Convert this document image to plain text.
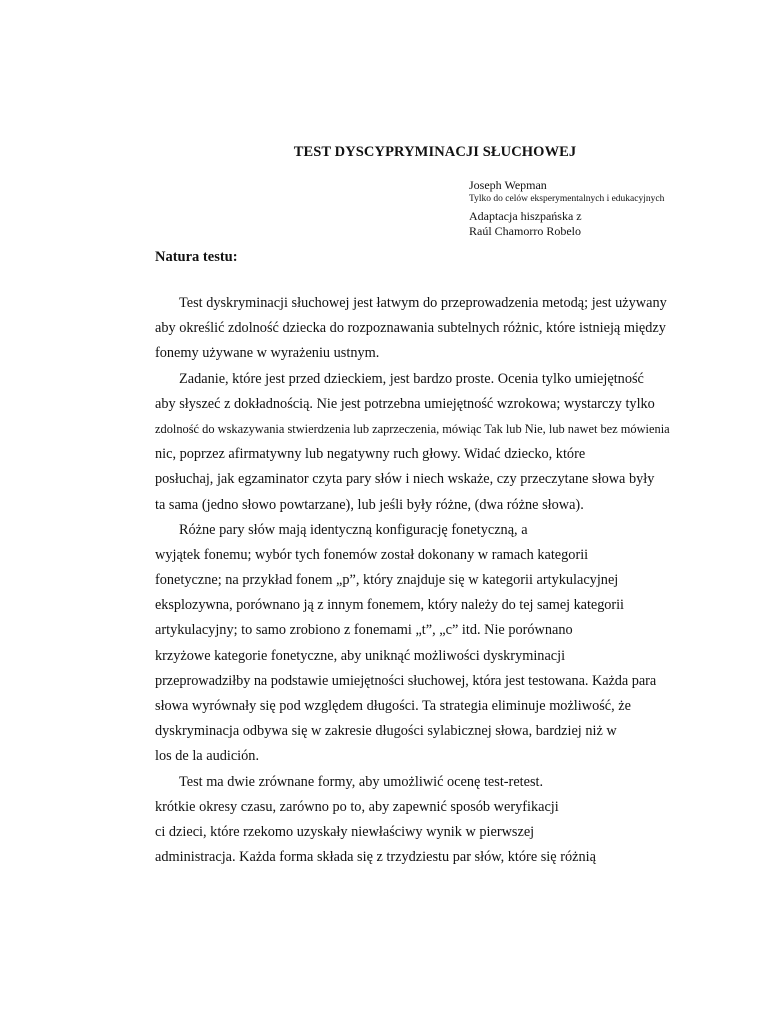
TEST DYSCYPRYMINACJI SŁUCHOWEJ
Joseph Wepman
Tylko do celów eksperymentalnych i edukacyjnych
Adaptacja hiszpańska z
Raúl Chamorro Robelo
Natura testu:
Test dyskryminacji słuchowej jest łatwym do przeprowadzenia metodą; jest używany
aby określić zdolność dziecka do rozpoznawania subtelnych różnic, które istnieją między
fonemy używane w wyrażeniu ustnym.
Zadanie, które jest przed dzieckiem, jest bardzo proste. Ocenia tylko umiejętność
aby słyszeć z dokładnością. Nie jest potrzebna umiejętność wzrokowa; wystarczy tylko
zdolność do wskazywania stwierdzenia lub zaprzeczenia, mówiąc Tak lub Nie, lub nawet bez mówienia
nic, poprzez afirmatywny lub negatywny ruch głowy. Widać dziecko, które
posłuchaj, jak egzaminator czyta pary słów i niech wskaże, czy przeczytane słowa były
ta sama (jedno słowo powtarzane), lub jeśli były różne, (dwa różne słowa).
Różne pary słów mają identyczną konfigurację fonetyczną, a
wyjątek fonemu; wybór tych fonemów został dokonany w ramach kategorii
fonetyczne; na przykład fonem „p”, który znajduje się w kategorii artykulacyjnej
eksplozywna, porównano ją z innym fonemem, który należy do tej samej kategorii
artykulacyjny; to samo zrobiono z fonemami „t”, „c” itd. Nie porównano
krzyżowe kategorie fonetyczne, aby uniknąć możliwości dyskryminacji
przeprowadziłby na podstawie umiejętności słuchowej, która jest testowana. Każda para
słowa wyrównały się pod względem długości. Ta strategia eliminuje możliwość, że
dyskryminacja odbywa się w zakresie długości sylabicznej słowa, bardziej niż w
los de la audición.
Test ma dwie zrównane formy, aby umożliwić ocenę test-retest.
krótkie okresy czasu, zarówno po to, aby zapewnić sposób weryfikacji
ci dzieci, które rzekomo uzyskały niewłaściwy wynik w pierwszej
administracja. Każda forma składa się z trzydziestu par słów, które się różnią
